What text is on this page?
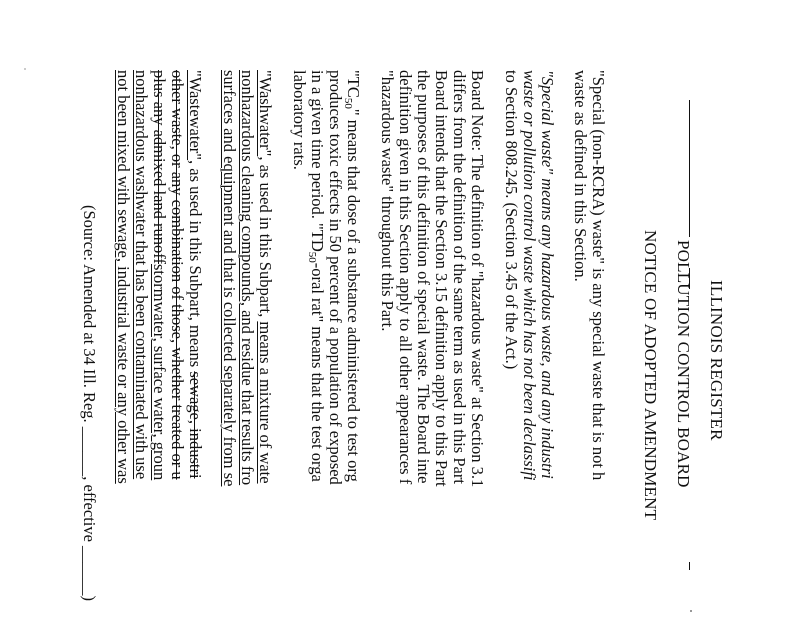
ILLINOIS REGISTER
POLLUTION CONTROL BOARD
NOTICE OF ADOPTED AMENDMENT
"Special (non-RCRA) waste" is any special waste that is not h
waste as defined in this Section.
"Special waste" means any hazardous waste, and any industri
waste or pollution control waste which has not been declassifi
to Section 808.245. (Section 3.45 of the Act.)
Board Note: The definition of "hazardous waste" at Section 3.1
differs from the definition of the same term as used in this Part
Board intends that the Section 3.15 definition apply to this Part
the purposes of this definition of special waste. The Board inte
definition given in this Section apply to all other appearances f
"hazardous waste" throughout this Part.
"$TC_{50}$" means that dose of a substance administered to test org
produces toxic effects in 50 percent of a population of exposed
in a given time period. "$TD_{50}$-oral rat" means that the test orga
laboratory rats.
"Washwater", as used in this Subpart, means a mixture of wate
nonhazardous cleaning compounds, and residue that results fro
surfaces and equipment and that is collected separately from se
"Wastewater", as used in this Subpart, means sewage, industri
other waste, or any combination of those, whether treated or u
plus any admixed land runoffstormwater, surface water, groun
nonhazardous washwater that has been contaminated with use
not been mixed with sewage, industrial waste or any other was
(Source: Amended at 34 Ill. Reg. ______, effective ______)
